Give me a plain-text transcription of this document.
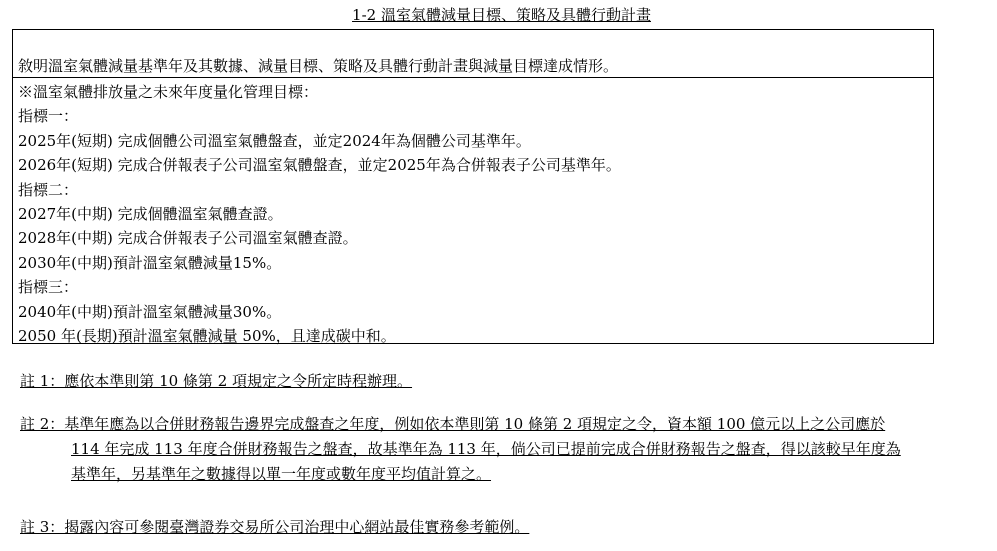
1-2 溫室氣體減量目標、策略及具體行動計畫
敘明溫室氣體減量基準年及其數據、減量目標、策略及具體行動計畫與減量目標達成情形。
※溫室氣體排放量之未來年度量化管理目標：
指標一：
2025年(短期) 完成個體公司溫室氣體盤查，並定2024年為個體公司基準年。
2026年(短期) 完成合併報表子公司溫室氣體盤查，並定2025年為合併報表子公司基準年。
指標二：
2027年(中期) 完成個體溫室氣體查證。
2028年(中期) 完成合併報表子公司溫室氣體查證。
2030年(中期)預計溫室氣體減量15%。
指標三：
2040年(中期)預計溫室氣體減量30%。
2050 年(長期)預計溫室氣體減量 50%，且達成碳中和。
註 1：應依本準則第 10 條第 2 項規定之令所定時程辦理。
註 2：基準年應為以合併財務報告邊界完成盤查之年度，例如依本準則第 10 條第 2 項規定之令，資本額 100 億元以上之公司應於
114 年完成 113 年度合併財務報告之盤查，故基準年為 113 年，倘公司已提前完成合併財務報告之盤查，得以該較早年度為
基準年，另基準年之數據得以單一年度或數年度平均值計算之。
註 3：揭露內容可參閱臺灣證券交易所公司治理中心網站最佳實務參考範例。
